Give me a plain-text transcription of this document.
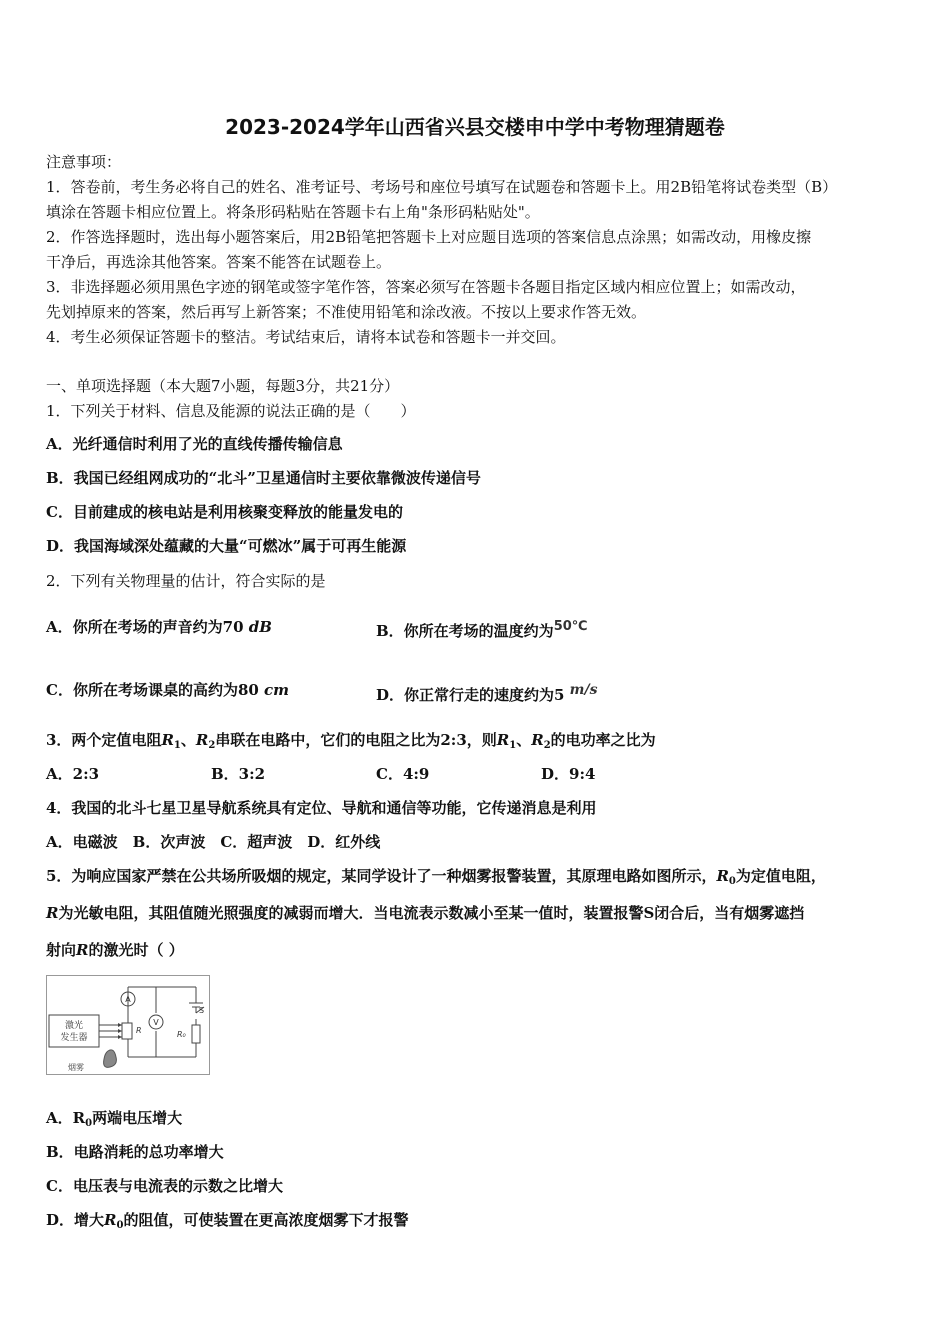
2023-2024学年山西省兴县交楼申中学中考物理猜题卷
注意事项：
1．答卷前，考生务必将自己的姓名、准考证号、考场号和座位号填写在试题卷和答题卡上。用2B铅笔将试卷类型（B）
填涂在答题卡相应位置上。将条形码粘贴在答题卡右上角"条形码粘贴处"。
2．作答选择题时，选出每小题答案后，用2B铅笔把答题卡上对应题目选项的答案信息点涂黑；如需改动，用橡皮擦
干净后，再选涂其他答案。答案不能答在试题卷上。
3．非选择题必须用黑色字迹的钢笔或签字笔作答，答案必须写在答题卡各题目指定区域内相应位置上；如需改动，
先划掉原来的答案，然后再写上新答案；不准使用铅笔和涂改液。不按以上要求作答无效。
4．考生必须保证答题卡的整洁。考试结束后，请将本试卷和答题卡一并交回。
一、单项选择题（本大题7小题，每题3分，共21分）
1．下列关于材料、信息及能源的说法正确的是（　　）
A．光纤通信时利用了光的直线传播传输信息
B．我国已经组网成功的“北斗”卫星通信时主要依靠微波传递信号
C．目前建成的核电站是利用核聚变释放的能量发电的
D．我国海域深处蕴藏的大量“可燃冰”属于可再生能源
2．下列有关物理量的估计，符合实际的是
A．你所在考场的声音约为70 dB	B．你所在考场的温度约为50℃
C．你所在考场课桌的高约为80 cm	D．你正常行走的速度约为5 m/s
3．两个定值电阻$R_1$、$R_2$串联在电路中，它们的电阻之比为2:3，则$R_1$、$R_2$的电功率之比为
A．2:3	B．3:2	C．4:9	D．9:4
4．我国的北斗七星卫星导航系统具有定位、导航和通信等功能，它传递消息是利用
A．电磁波　B．次声波　C．超声波　D．红外线
5．为响应国家严禁在公共场所吸烟的规定，某同学设计了一种烟雾报警装置，其原理电路如图所示，$R_0$为定值电阻，
R为光敏电阻，其阻值随光照强度的减弱而增大．当电流表示数减小至某一值时，装置报警S闭合后，当有烟雾遮挡
射向R的激光时（ ）
激光
发生器
A
V
R	R₀
S
烟雾
A．$R_0$两端电压增大
B．电路消耗的总功率增大
C．电压表与电流表的示数之比增大
D．增大$R_0$的阻值，可使装置在更高浓度烟雾下才报警
